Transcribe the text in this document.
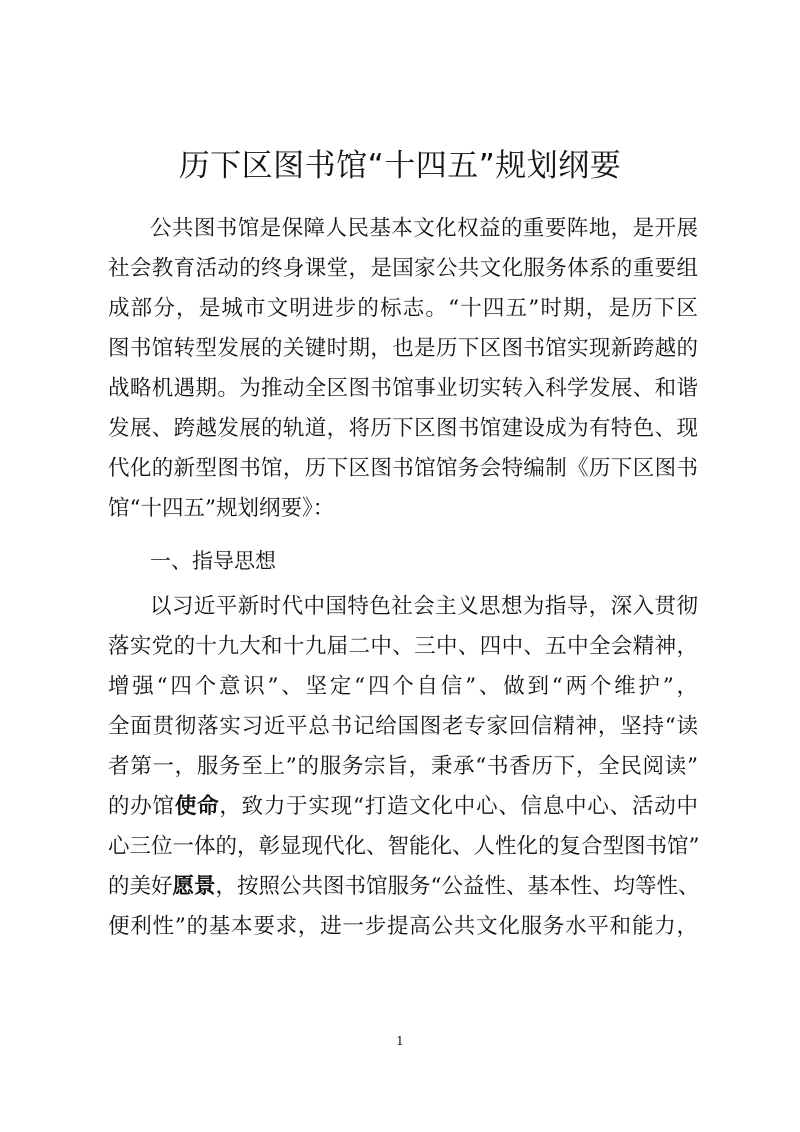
历下区图书馆“十四五”规划纲要
公共图书馆是保障人民基本文化权益的重要阵地，是开展
社会教育活动的终身课堂，是国家公共文化服务体系的重要组
成部分，是城市文明进步的标志。“十四五”时期，是历下区
图书馆转型发展的关键时期，也是历下区图书馆实现新跨越的
战略机遇期。为推动全区图书馆事业切实转入科学发展、和谐
发展、跨越发展的轨道，将历下区图书馆建设成为有特色、现
代化的新型图书馆，历下区图书馆馆务会特编制《历下区图书
馆“十四五”规划纲要》：
一、指导思想
以习近平新时代中国特色社会主义思想为指导，深入贯彻
落实党的十九大和十九届二中、三中、四中、五中全会精神，
增强“四个意识”、坚定“四个自信”、做到“两个维护”，
全面贯彻落实习近平总书记给国图老专家回信精神，坚持“读
者第一，服务至上”的服务宗旨，秉承“书香历下，全民阅读”
的办馆使命，致力于实现“打造文化中心、信息中心、活动中
心三位一体的，彰显现代化、智能化、人性化的复合型图书馆”
的美好愿景，按照公共图书馆服务“公益性、基本性、均等性、
便利性”的基本要求，进一步提高公共文化服务水平和能力，
1
